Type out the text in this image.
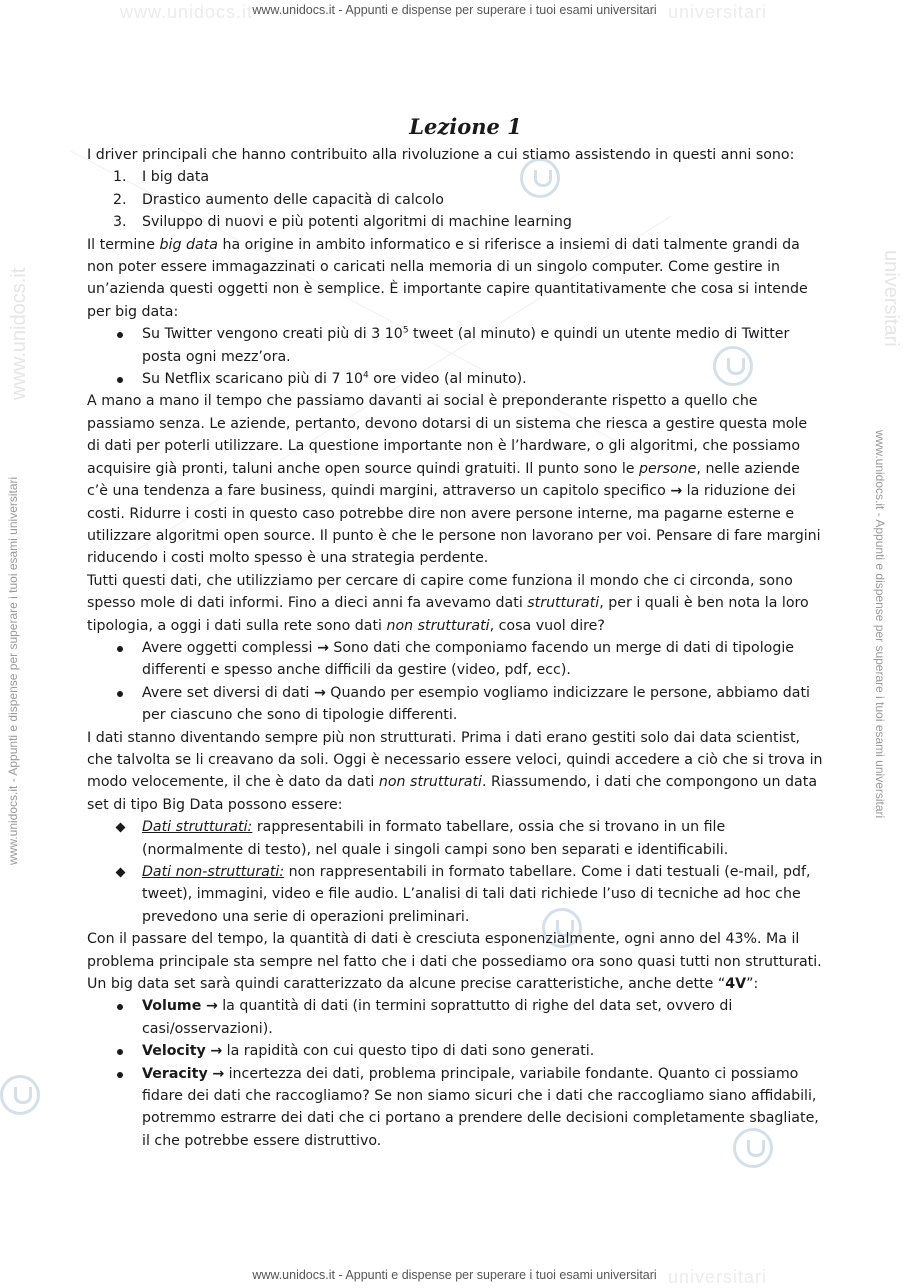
www.unidocs.it	universitari
www.unidocs.it - Appunti e dispense per superare i tuoi esami universitari
universitari
www.unidocs.it - Appunti e dispense per superare i tuoi esami universitari
www.unidocs.it - Appunti e dispense per superare i tuoi esami universitari	www.unidocs.it - Appunti e dispense per superare i tuoi esami universitari
www.unidocs.it	universitari
Lezione 1

I driver principali che hanno contribuito alla rivoluzione a cui stiamo assistendo in questi anni sono:

1. I big data
2. Drastico aumento delle capacità di calcolo
3. Sviluppo di nuovi e più potenti algoritmi di machine learning

Il termine big data ha origine in ambito informatico e si riferisce a insiemi di dati talmente grandi da non poter essere immagazzinati o caricati nella memoria di un singolo computer. Come gestire in un’azienda questi oggetti non è semplice. È importante capire quantitativamente che cosa si intende per big data:

Su Twitter vengono creati più di 3 $10^5$ tweet (al minuto) e quindi un utente medio di Twitter posta ogni mezz’ora.
Su Netflix scaricano più di 7 $10^4$ ore video (al minuto).

A mano a mano il tempo che passiamo davanti ai social è preponderante rispetto a quello che passiamo senza. Le aziende, pertanto, devono dotarsi di un sistema che riesca a gestire questa mole di dati per poterli utilizzare. La questione importante non è l’hardware, o gli algoritmi, che possiamo acquisire già pronti, taluni anche open source quindi gratuiti. Il punto sono le persone, nelle aziende c’è una tendenza a fare business, quindi margini, attraverso un capitolo specifico → la riduzione dei costi. Ridurre i costi in questo caso potrebbe dire non avere persone interne, ma pagarne esterne e utilizzare algoritmi open source. Il punto è che le persone non lavorano per voi. Pensare di fare margini riducendo i costi molto spesso è una strategia perdente.

Tutti questi dati, che utilizziamo per cercare di capire come funziona il mondo che ci circonda, sono spesso mole di dati informi. Fino a dieci anni fa avevamo dati strutturati, per i quali è ben nota la loro tipologia, a oggi i dati sulla rete sono dati non strutturati, cosa vuol dire?

Avere oggetti complessi → Sono dati che componiamo facendo un merge di dati di tipologie differenti e spesso anche difficili da gestire (video, pdf, ecc).
Avere set diversi di dati → Quando per esempio vogliamo indicizzare le persone, abbiamo dati per ciascuno che sono di tipologie differenti.

I dati stanno diventando sempre più non strutturati. Prima i dati erano gestiti solo dai data scientist, che talvolta se li creavano da soli. Oggi è necessario essere veloci, quindi accedere a ciò che si trova in modo velocemente, il che è dato da dati non strutturati. Riassumendo, i dati che compongono un data set di tipo Big Data possono essere:

Dati strutturati: rappresentabili in formato tabellare, ossia che si trovano in un file (normalmente di testo), nel quale i singoli campi sono ben separati e identificabili.
Dati non-strutturati: non rappresentabili in formato tabellare. Come i dati testuali (e-mail, pdf, tweet), immagini, video e file audio. L’analisi di tali dati richiede l’uso di tecniche ad hoc che prevedono una serie di operazioni preliminari.

Con il passare del tempo, la quantità di dati è cresciuta esponenzialmente, ogni anno del 43%. Ma il problema principale sta sempre nel fatto che i dati che possediamo ora sono quasi tutti non strutturati.

Un big data set sarà quindi caratterizzato da alcune precise caratteristiche, anche dette “4V”:

Volume → la quantità di dati (in termini soprattutto di righe del data set, ovvero di casi/osservazioni).
Velocity → la rapidità con cui questo tipo di dati sono generati.
Veracity → incertezza dei dati, problema principale, variabile fondante. Quanto ci possiamo fidare dei dati che raccogliamo? Se non siamo sicuri che i dati che raccogliamo siano affidabili, potremmo estrarre dei dati che ci portano a prendere delle decisioni completamente sbagliate, il che potrebbe essere distruttivo.
